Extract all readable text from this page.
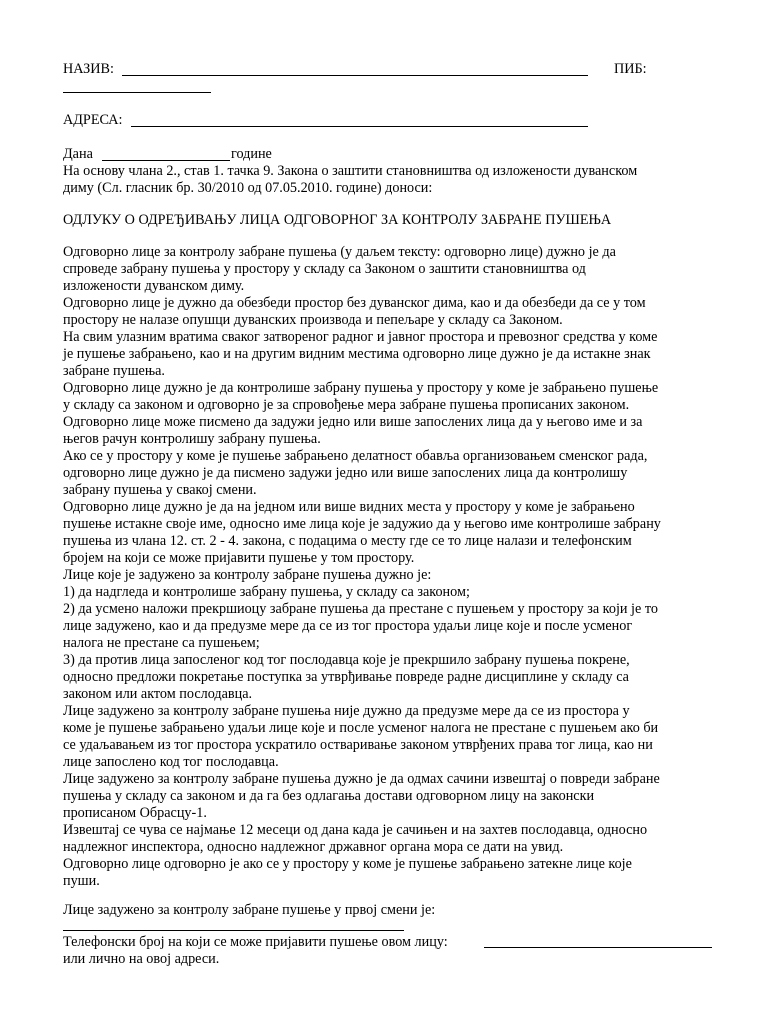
НАЗИВ:	ПИБ:
АДРЕСА:
Дана	године
На основу члана 2., став 1. тачка 9. Закона о заштити становништва од изложености дуванском
диму (Сл. гласник бр. 30/2010 од 07.05.2010. године) доноси:
ОДЛУКУ О ОДРЕЂИВАЊУ ЛИЦА ОДГОВОРНОГ ЗА КОНТРОЛУ ЗАБРАНЕ ПУШЕЊА

Одговорно лице за контролу забране пушења (у даљем тексту: одговорно лице) дужно је да
спроведе забрану пушења у простору у складу са Законом о заштити становништва од
изложености дуванском диму.

Одговорно лице је дужно да обезбеди простор без дуванског дима, као и да обезбеди да се у том
простору не налазе опушци дуванских производа и пепељаре у складу са Законом.

На свим улазним вратима сваког затвореног радног и јавног простора и превозног средства у коме
је пушење забрањено, као и на другим видним местима одговорно лице дужно је да истакне знак
забране пушења.

Одговорно лице дужно је да контролише забрану пушења у простору у коме је забрањено пушење
у складу са законом и одговорно је за спровођење мера забране пушења прописаних законом.

Одговорно лице може писмено да задужи једно или више запослених лица да у његово име и за
његов рачун контролишу забрану пушења.

Ако се у простору у коме је пушење забрањено делатност обавља организовањем сменског рада,
одговорно лице дужно је да писмено задужи једно или више запослених лица да контролишу
забрану пушења у свакој смени.

Одговорно лице дужно је да на једном или више видних места у простору у коме је забрањено
пушење истакне своје име, односно име лица које је задужио да у његово име контролише забрану
пушења из члана 12. ст. 2 - 4. закона, с подацима о месту где се то лице налази и телефонским
бројем на који се може пријавити пушење у том простору.

Лице које је задужено за контролу забране пушења дужно је:

1) да надгледа и контролише забрану пушења, у складу са законом;

2) да усмено наложи прекршиоцу забране пушења да престане с пушењем у простору за који је то
лице задужено, као и да предузме мере да се из тог простора удаљи лице које и после усменог
налога не престане са пушењем;

3) да против лица запосленог код тог послодавца које је прекршило забрану пушења покрене,
односно предложи покретање поступка за утврђивање повреде радне дисциплине у складу са
законом или актом послодавца.

Лице задужено за контролу забране пушења није дужно да предузме мере да се из простора у
коме је пушење забрањено удаљи лице које и после усменог налога не престане с пушењем ако би
се удаљавањем из тог простора ускратило остваривање законом утврђених права тог лица, као ни
лице запослено код тог послодавца.

Лице задужено за контролу забране пушења дужно је да одмах сачини извештај о повреди забране
пушења у складу са законом и да га без одлагања достави одговорном лицу на законски
прописаном Обрасцу-1.

Извештај се чува се најмање 12 месеци од дана када је сачињен и на захтев послодавца, односно
надлежног инспектора, односно надлежног државног органа мора се дати на увид.

Одговорно лице одговорно је ако се у простору у коме је пушење забрањено затекне лице које
пуши.

Лице задужено за контролу забране пушење у првој смени је:
Телефонски број на који се може пријавити пушење овом лицу:
или лично на овој адреси.
